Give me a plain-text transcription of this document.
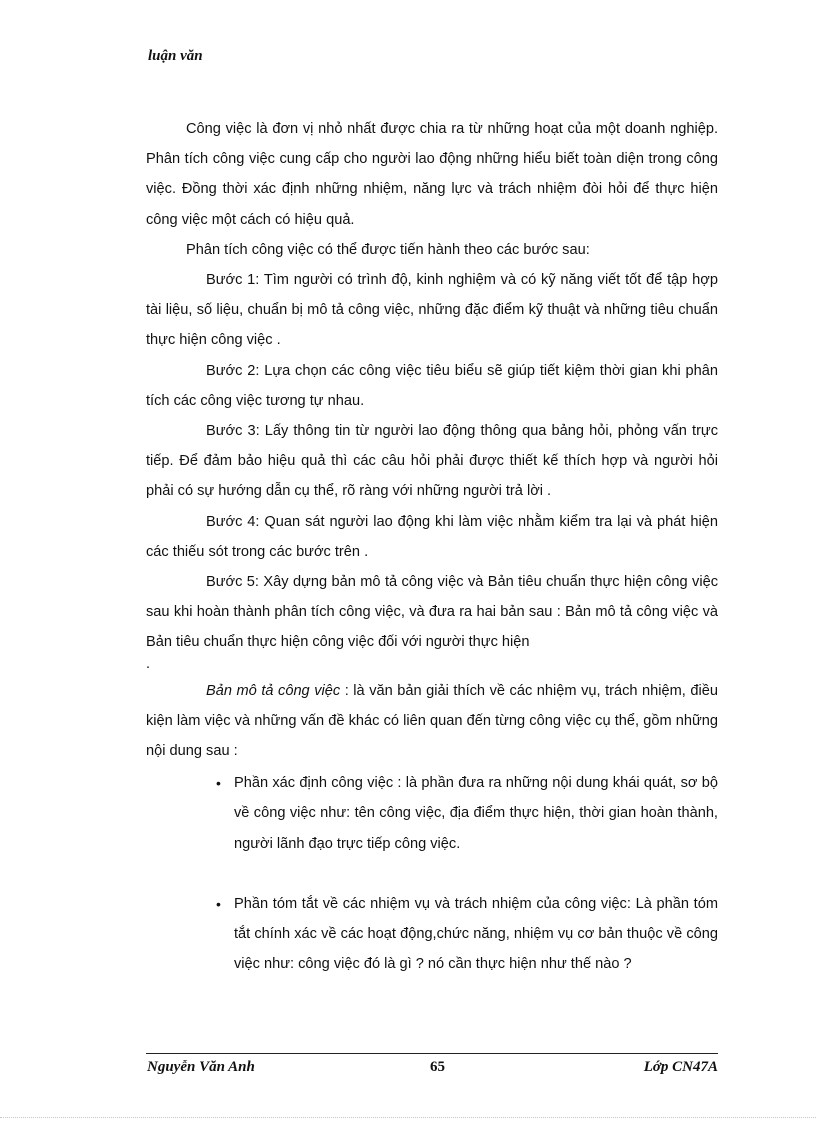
luận văn

Công việc là đơn vị nhỏ nhất được chia ra từ những hoạt của một doanh nghiệp. Phân tích công việc cung cấp cho người lao động những hiểu biết toàn diện trong công việc. Đồng thời xác định những nhiệm, năng lực và trách nhiệm đòi hỏi để thực hiện công việc một cách có hiệu quả.

Phân tích công việc có thể được tiến hành theo các bước sau:

Bước 1: Tìm người có trình độ, kinh nghiệm và có kỹ năng viết tốt để tập hợp tài liệu, số liệu, chuẩn bị mô tả công việc, những đặc điểm kỹ thuật và những tiêu chuẩn thực hiện công việc .

Bước 2: Lựa chọn các công việc tiêu biểu sẽ giúp tiết kiệm thời gian khi phân tích các công việc tương tự nhau.

Bước 3: Lấy thông tin từ người lao động thông qua bảng hỏi, phỏng vấn trực tiếp. Để đảm bảo hiệu quả thì các câu hỏi phải được thiết kế thích hợp và người hỏi phải có sự hướng dẫn cụ thể, rõ ràng với những người trả lời .

Bước 4: Quan sát người lao động khi làm việc nhằm kiểm tra lại và phát hiện các thiếu sót trong các bước trên .

Bước 5: Xây dựng bản mô tả công việc và Bản tiêu chuẩn thực hiện công việc sau khi hoàn thành phân tích công việc, và đưa ra hai bản sau : Bản mô tả công việc và Bản tiêu chuẩn thực hiện công việc đối với người thực hiện

.

Bản mô tả công việc : là văn bản giải thích về các nhiệm vụ, trách nhiệm, điều kiện làm việc và những vấn đề khác có liên quan đến từng công việc cụ thể, gồm những nội dung sau :

• Phần xác định công việc : là phần đưa ra những nội dung khái quát, sơ bộ về công việc như: tên công việc, địa điểm thực hiện, thời gian hoàn thành, người lãnh đạo trực tiếp công việc.
• Phần tóm tắt về các nhiệm vụ và trách nhiệm của công việc: Là phần tóm tắt chính xác về các hoạt động,chức năng, nhiệm vụ cơ bản thuộc về công việc như: công việc đó là gì ? nó cần thực hiện như thế nào ?
Nguyễn Văn Anh	65	Lớp CN47A
